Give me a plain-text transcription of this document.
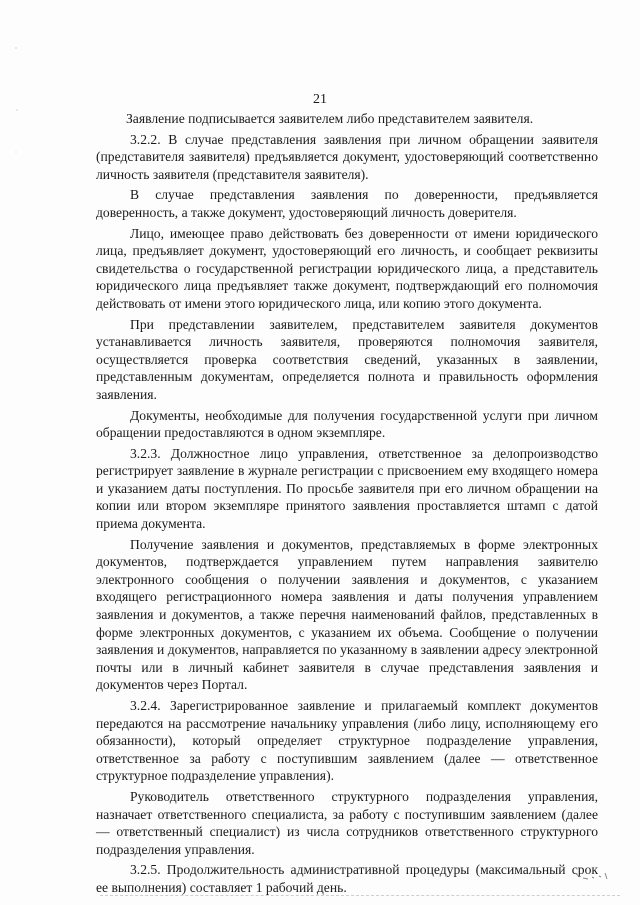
21

Заявление подписывается заявителем либо представителем заявителя.

3.2.2. В случае представления заявления при личном обращении заявителя (представителя заявителя) предъявляется документ, удостоверяющий соответственно личность заявителя (представителя заявителя).

В случае представления заявления по доверенности, предъявляется доверенность, а также документ, удостоверяющий личность доверителя.

Лицо, имеющее право действовать без доверенности от имени юридического лица, предъявляет документ, удостоверяющий его личность, и сообщает реквизиты свидетельства о государственной регистрации юридического лица, а представитель юридического лица предъявляет также документ, подтверждающий его полномочия действовать от имени этого юридического лица, или копию этого документа.

При представлении заявителем, представителем заявителя документов устанавливается личность заявителя, проверяются полномочия заявителя, осуществляется проверка соответствия сведений, указанных в заявлении, представленным документам, определяется полнота и правильность оформления заявления.

Документы, необходимые для получения государственной услуги при личном обращении предоставляются в одном экземпляре.

3.2.3. Должностное лицо управления, ответственное за делопроизводство регистрирует заявление в журнале регистрации с присвоением ему входящего номера и указанием даты поступления. По просьбе заявителя при его личном обращении на копии или втором экземпляре принятого заявления проставляется штамп с датой приема документа.

Получение заявления и документов, представляемых в форме электронных документов, подтверждается управлением путем направления заявителю электронного сообщения о получении заявления и документов, с указанием входящего регистрационного номера заявления и даты получения управлением заявления и документов, а также перечня наименований файлов, представленных в форме электронных документов, с указанием их объема. Сообщение о получении заявления и документов, направляется по указанному в заявлении адресу электронной почты или в личный кабинет заявителя в случае представления заявления и документов через Портал.

3.2.4. Зарегистрированное заявление и прилагаемый комплект документов передаются на рассмотрение начальнику управления (либо лицу, исполняющему его обязанности), который определяет структурное подразделение управления, ответственное за работу с поступившим заявлением (далее — ответственное структурное подразделение управления).

Руководитель ответственного структурного подразделения управления, назначает ответственного специалиста, за работу с поступившим заявлением (далее — ответственный специалист) из числа сотрудников ответственного структурного подразделения управления.

3.2.5. Продолжительность административной процедуры (максимальный срок ее выполнения) составляет 1 рабочий день.
